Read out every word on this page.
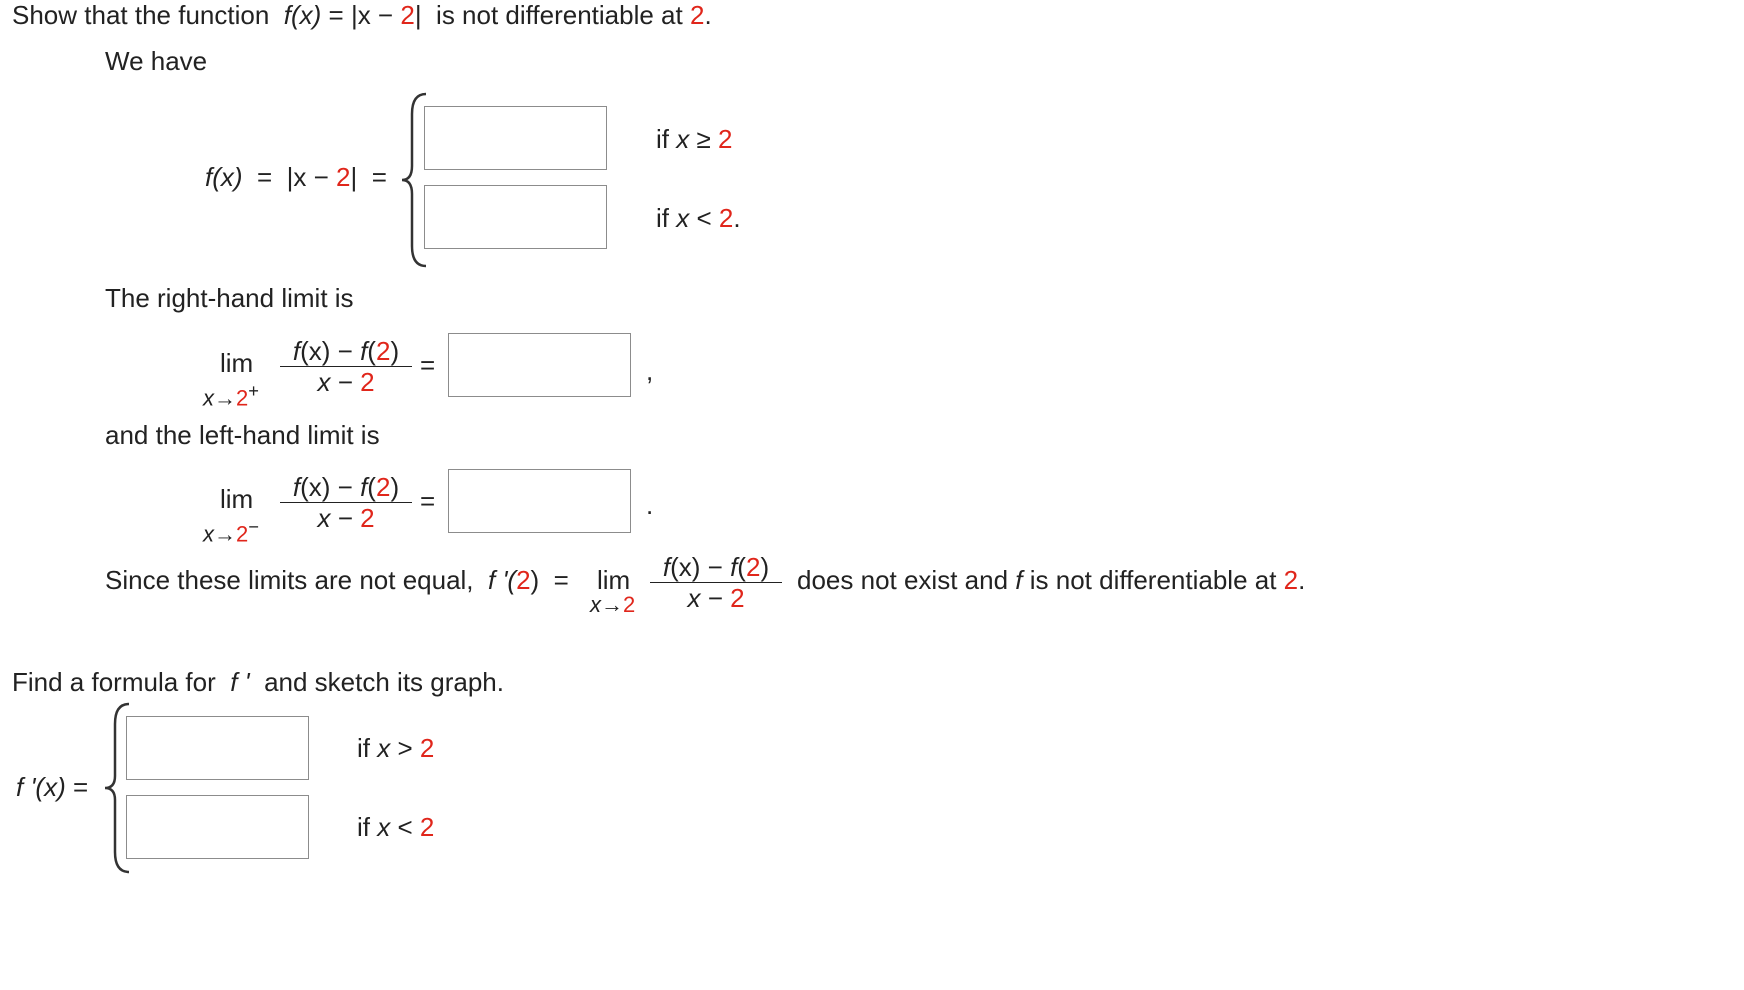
Show that the function f(x) = |x − 2| is not differentiable at 2.
We have
f(x) = |x − 2| =
if x ≥ 2
if x < 2.
The right-hand limit is
lim
x→2+
f(x) − f(2)
x − 2
=	,
and the left-hand limit is
lim
x→2−
f(x) − f(2)
x − 2
=	.
Since these limits are not equal, f '(2) = lim
x→2
f(x) − f(2)
x − 2
does not exist and f is not differentiable at 2.
Find a formula for f ' and sketch its graph.
f '(x) =
if x > 2
if x < 2
